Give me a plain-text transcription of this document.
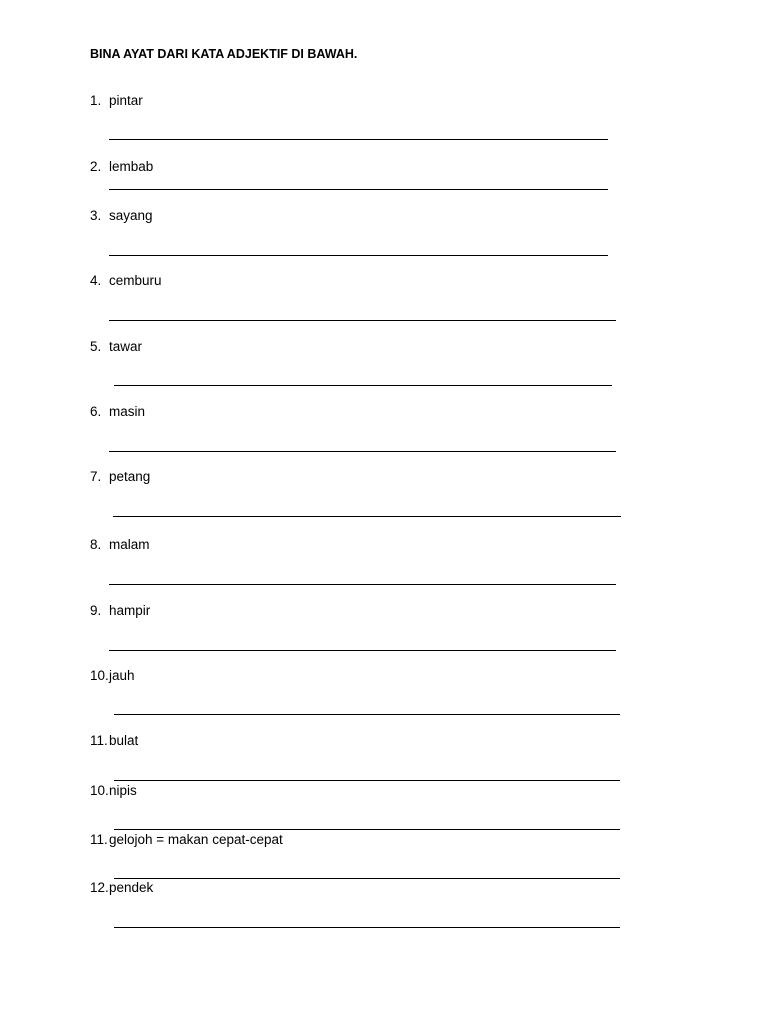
BINA AYAT DARI KATA ADJEKTIF DI BAWAH.
1. pintar
2. lembab
3. sayang
4. cemburu
5. tawar
6. masin
7. petang
8. malam
9. hampir
10.jauh
11.bulat
10.nipis
11.gelojoh = makan cepat-cepat
12.pendek
